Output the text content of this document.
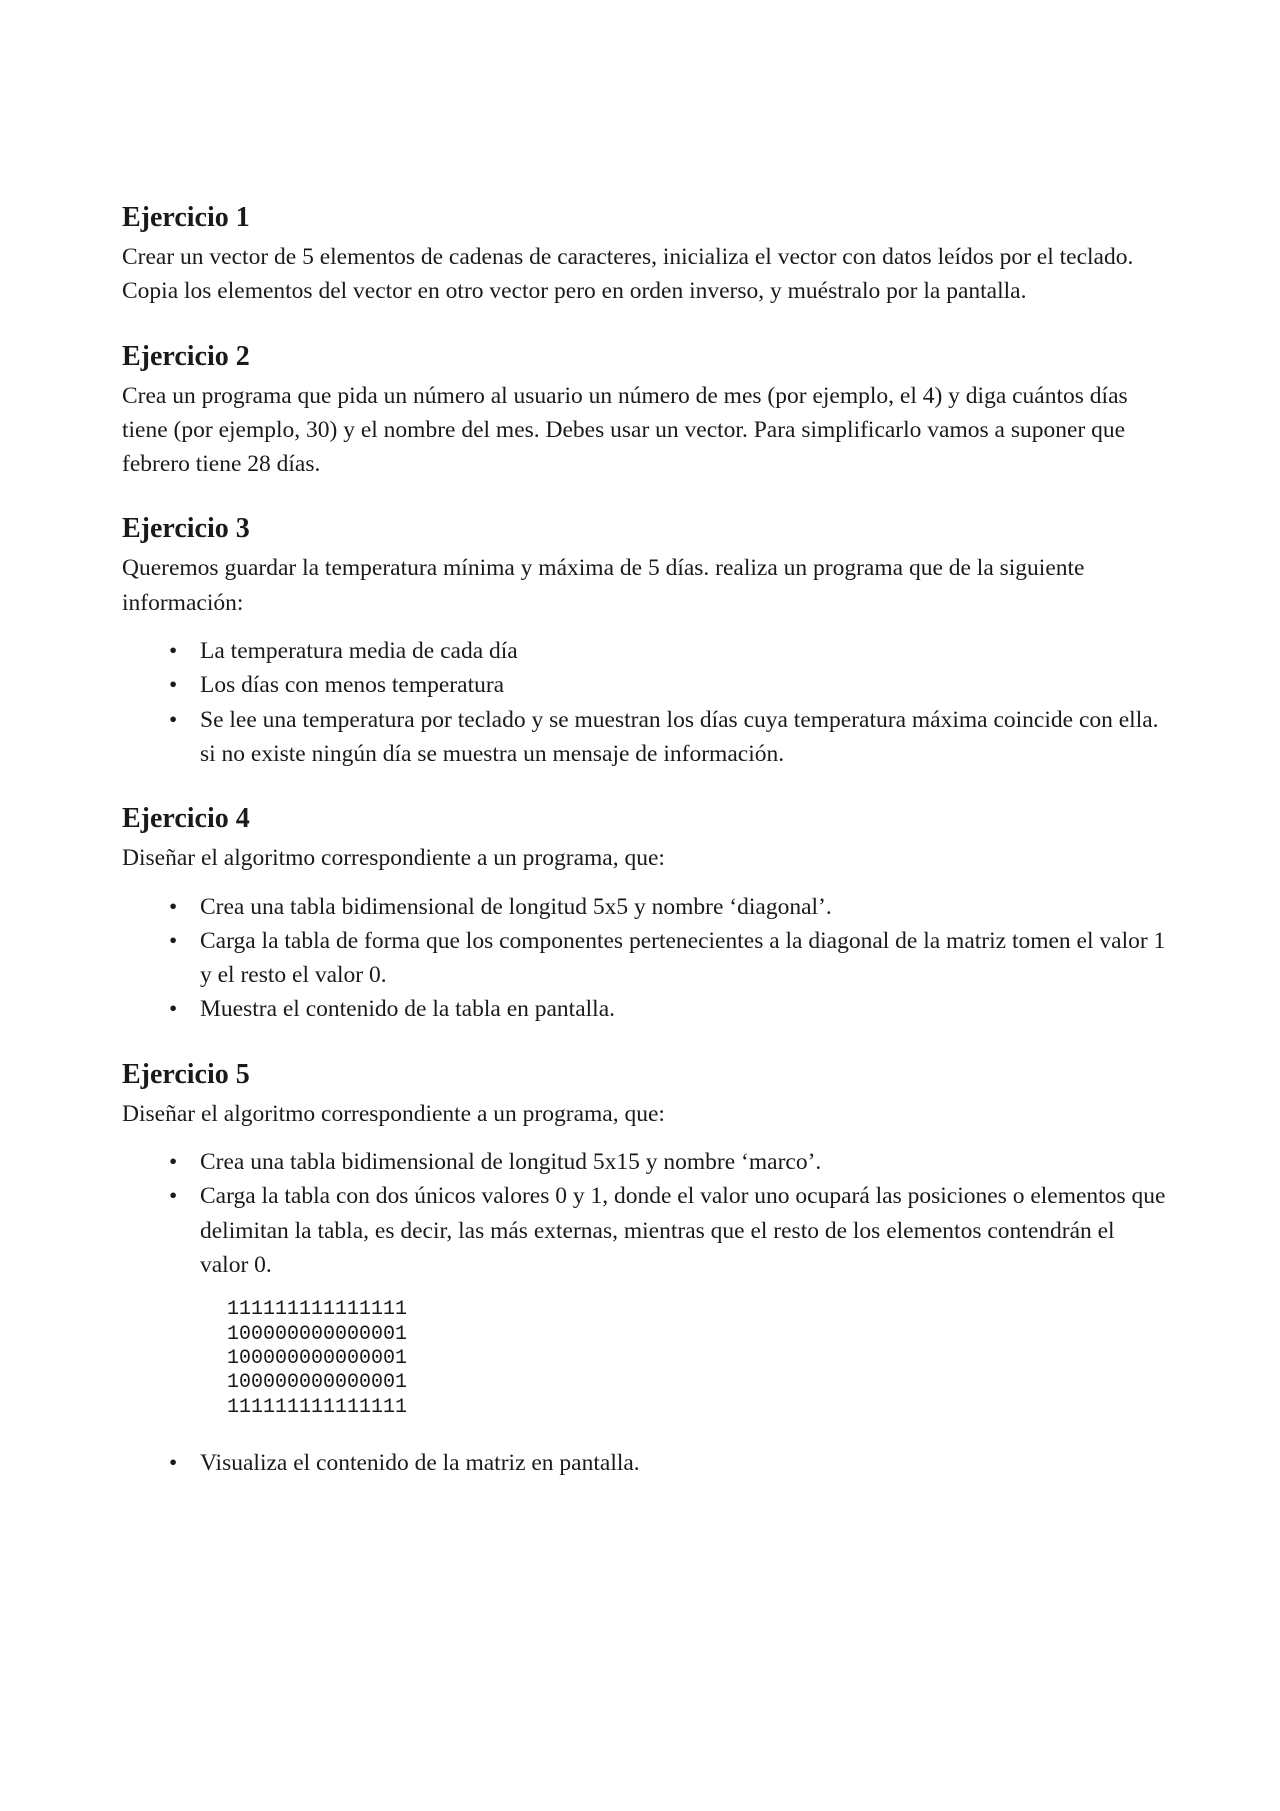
Ejercicio 1

Crear un vector de 5 elementos de cadenas de caracteres, inicializa el vector con datos leídos por el teclado. Copia los elementos del vector en otro vector pero en orden inverso, y muéstralo por la pantalla.

Ejercicio 2

Crea un programa que pida un número al usuario un número de mes (por ejemplo, el 4) y diga cuántos días tiene (por ejemplo, 30) y el nombre del mes. Debes usar un vector. Para simplificarlo vamos a suponer que febrero tiene 28 días.

Ejercicio 3

Queremos guardar la temperatura mínima y máxima de 5 días. realiza un programa que de la siguiente información:

• La temperatura media de cada día
• Los días con menos temperatura
• Se lee una temperatura por teclado y se muestran los días cuya temperatura máxima coincide con ella. si no existe ningún día se muestra un mensaje de información.
Ejercicio 4

Diseñar el algoritmo correspondiente a un programa, que:

• Crea una tabla bidimensional de longitud 5x5 y nombre ‘diagonal’.
• Carga la tabla de forma que los componentes pertenecientes a la diagonal de la matriz tomen el valor 1 y el resto el valor 0.
• Muestra el contenido de la tabla en pantalla.
Ejercicio 5

Diseñar el algoritmo correspondiente a un programa, que:

• Crea una tabla bidimensional de longitud 5x15 y nombre ‘marco’.
• Carga la tabla con dos únicos valores 0 y 1, donde el valor uno ocupará las posiciones o elementos que delimitan la tabla, es decir, las más externas, mientras que el resto de los elementos contendrán el valor 0.
111111111111111
100000000000001
100000000000001
100000000000001
111111111111111
• Visualiza el contenido de la matriz en pantalla.
